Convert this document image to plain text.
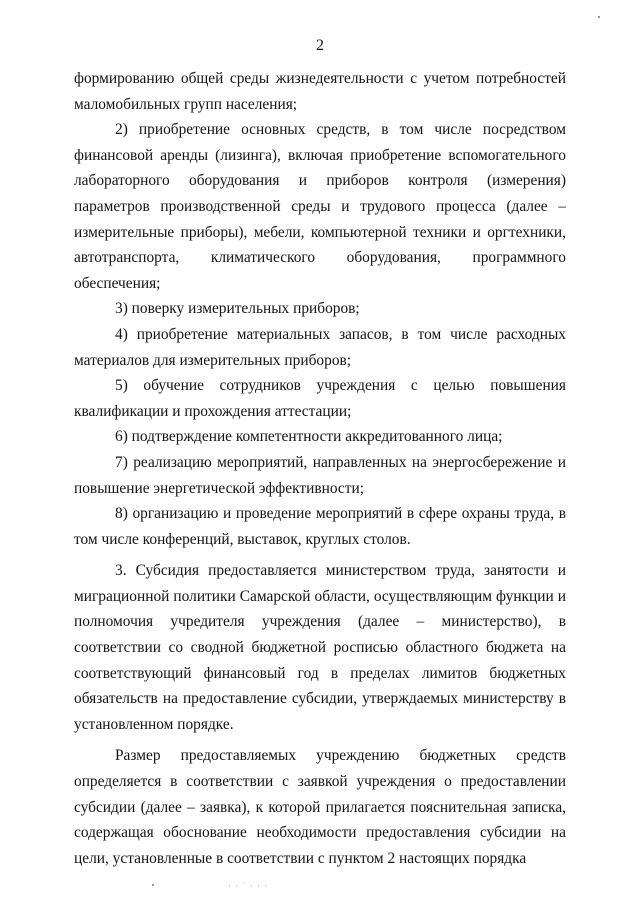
2

формированию общей среды жизнедеятельности с учетом потребностей маломобильных групп населения;

2) приобретение основных средств, в том числе посредством финансовой аренды (лизинга), включая приобретение вспомогательного лабораторного оборудования и приборов контроля (измерения) параметров производственной среды и трудового процесса (далее – измерительные приборы), мебели, компьютерной техники и оргтехники, автотранспорта, климатического оборудования, программного обеспечения;

3) поверку измерительных приборов;

4) приобретение материальных запасов, в том числе расходных материалов для измерительных приборов;

5) обучение сотрудников учреждения с целью повышения квалификации и прохождения аттестации;

6) подтверждение компетентности аккредитованного лица;

7) реализацию мероприятий, направленных на энергосбережение и повышение энергетической эффективности;

8) организацию и проведение мероприятий в сфере охраны труда, в том числе конференций, выставок, круглых столов.

3. Субсидия предоставляется министерством труда, занятости и миграционной политики Самарской области, осуществляющим функции и полномочия учредителя учреждения (далее – министерство), в соответствии со сводной бюджетной росписью областного бюджета на соответствующий финансовый год в пределах лимитов бюджетных обязательств на предоставление субсидии, утверждаемых министерству в установленном порядке.

Размер предоставляемых учреждению бюджетных средств определяется в соответствии с заявкой учреждения о предоставлении субсидии (далее – заявка), к которой прилагается пояснительная записка, содержащая обоснование необходимости предоставления субсидии на цели, установленные в соответствии с пунктом 2 настоящих порядка

· · ˙ · · ·
